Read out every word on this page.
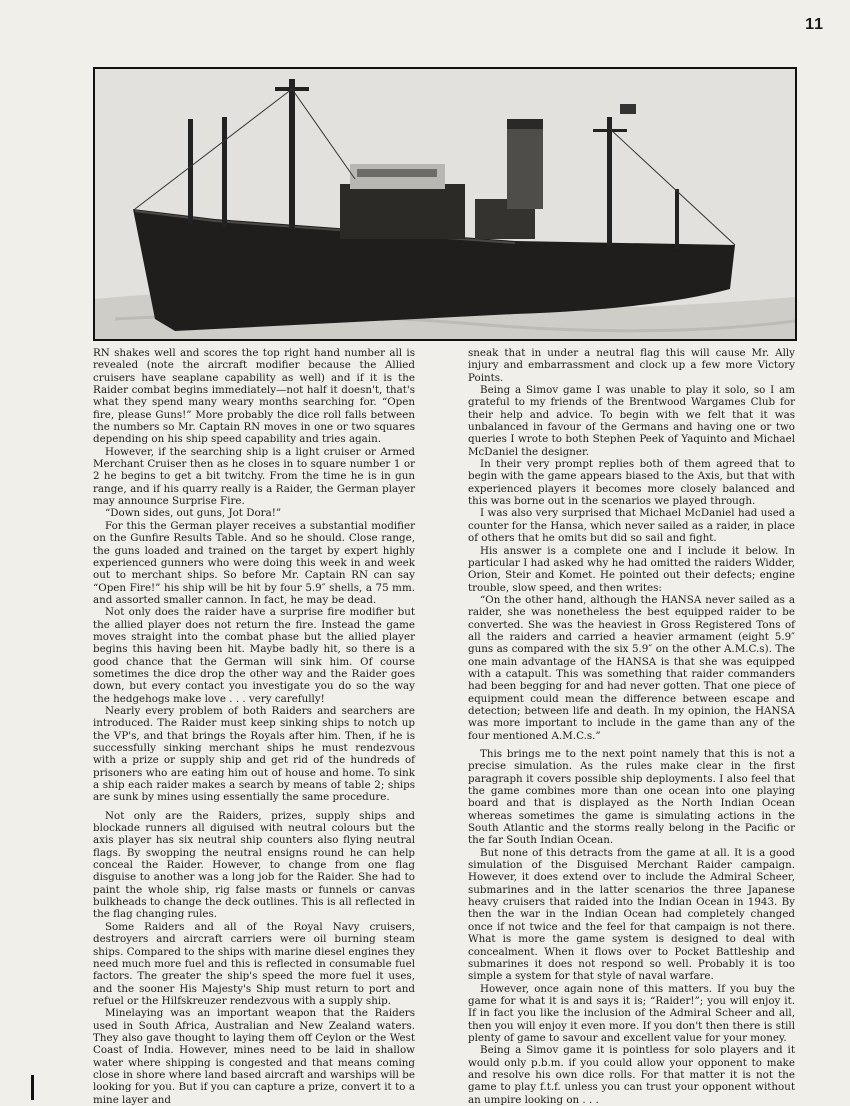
11

RN shakes well and scores the top right hand number all is revealed (note the aircraft modifier because the Allied cruisers have seaplane capability as well) and if it is the Raider combat begins immediately—not half it doesn't, that's what they spend many weary months searching for. “Open fire, please Guns!” More probably the dice roll falls between the numbers so Mr. Captain RN moves in one or two squares depending on his ship speed capability and tries again.

However, if the searching ship is a light cruiser or Armed Merchant Cruiser then as he closes in to square number 1 or 2 he begins to get a bit twitchy. From the time he is in gun range, and if his quarry really is a Raider, the German player may announce Surprise Fire.

“Down sides, out guns, Jot Dora!”

For this the German player receives a substantial modifier on the Gunfire Results Table. And so he should. Close range, the guns loaded and trained on the target by expert highly experienced gunners who were doing this week in and week out to merchant ships. So before Mr. Captain RN can say “Open Fire!” his ship will be hit by four 5.9″ shells, a 75 mm. and assorted smaller cannon. In fact, he may be dead.

Not only does the raider have a surprise fire modifier but the allied player does not return the fire. Instead the game moves straight into the combat phase but the allied player begins this having been hit. Maybe badly hit, so there is a good chance that the German will sink him. Of course sometimes the dice drop the other way and the Raider goes down, but every contact you investigate you do so the way the hedgehogs make love . . . very carefully!

Nearly every problem of both Raiders and searchers are introduced. The Raider must keep sinking ships to notch up the VP's, and that brings the Royals after him. Then, if he is successfully sinking merchant ships he must rendezvous with a prize or supply ship and get rid of the hundreds of prisoners who are eating him out of house and home. To sink a ship each raider makes a search by means of table 2; ships are sunk by mines using essentially the same procedure.

Not only are the Raiders, prizes, supply ships and blockade runners all diguised with neutral colours but the axis player has six neutral ship counters also flying neutral flags. By swopping the neutral ensigns round he can help conceal the Raider. However, to change from one flag disguise to another was a long job for the Raider. She had to paint the whole ship, rig false masts or funnels or canvas bulkheads to change the deck outlines. This is all reflected in the flag changing rules.

Some Raiders and all of the Royal Navy cruisers, destroyers and aircraft carriers were oil burning steam ships. Compared to the ships with marine diesel engines they need much more fuel and this is reflected in consumable fuel factors. The greater the ship's speed the more fuel it uses, and the sooner His Majesty's Ship must return to port and refuel or the Hilfskreuzer rendezvous with a supply ship.

Minelaying was an important weapon that the Raiders used in South Africa, Australian and New Zealand waters. They also gave thought to laying them off Ceylon or the West Coast of India. However, mines need to be laid in shallow water where shipping is congested and that means coming close in shore where land based aircraft and warships will be looking for you. But if you can capture a prize, convert it to a mine layer and

sneak that in under a neutral flag this will cause Mr. Ally injury and embarrassment and clock up a few more Victory Points.

Being a Simov game I was unable to play it solo, so I am grateful to my friends of the Brentwood Wargames Club for their help and advice. To begin with we felt that it was unbalanced in favour of the Germans and having one or two queries I wrote to both Stephen Peek of Yaquinto and Michael McDaniel the designer.

In their very prompt replies both of them agreed that to begin with the game appears biased to the Axis, but that with experienced players it becomes more closely balanced and this was borne out in the scenarios we played through.

I was also very surprised that Michael McDaniel had used a counter for the Hansa, which never sailed as a raider, in place of others that he omits but did so sail and fight.

His answer is a complete one and I include it below. In particular I had asked why he had omitted the raiders Widder, Orion, Steir and Komet. He pointed out their defects; engine trouble, slow speed, and then writes:

“On the other hand, although the HANSA never sailed as a raider, she was nonetheless the best equipped raider to be converted. She was the heaviest in Gross Registered Tons of all the raiders and carried a heavier armament (eight 5.9″ guns as compared with the six 5.9″ on the other A.M.C.s). The one main advantage of the HANSA is that she was equipped with a catapult. This was something that raider commanders had been begging for and had never gotten. That one piece of equipment could mean the difference between escape and detection; between life and death. In my opinion, the HANSA was more important to include in the game than any of the four mentioned A.M.C.s.”

This brings me to the next point namely that this is not a precise simulation. As the rules make clear in the first paragraph it covers possible ship deployments. I also feel that the game combines more than one ocean into one playing board and that is displayed as the North Indian Ocean whereas sometimes the game is simulating actions in the South Atlantic and the storms really belong in the Pacific or the far South Indian Ocean.

But none of this detracts from the game at all. It is a good simulation of the Disguised Merchant Raider campaign. However, it does extend over to include the Admiral Scheer, submarines and in the latter scenarios the three Japanese heavy cruisers that raided into the Indian Ocean in 1943. By then the war in the Indian Ocean had completely changed once if not twice and the feel for that campaign is not there. What is more the game system is designed to deal with concealment. When it flows over to Pocket Battleship and submarines it does not respond so well. Probably it is too simple a system for that style of naval warfare.

However, once again none of this matters. If you buy the game for what it is and says it is; “Raider!”; you will enjoy it. If in fact you like the inclusion of the Admiral Scheer and all, then you will enjoy it even more. If you don't then there is still plenty of game to savour and excellent value for your money.

Being a Simov game it is pointless for solo players and it would only p.b.m. if you could allow your opponent to make and resolve his own dice rolls. For that matter it is not the game to play f.t.f. unless you can trust your opponent without an umpire looking on . . .
